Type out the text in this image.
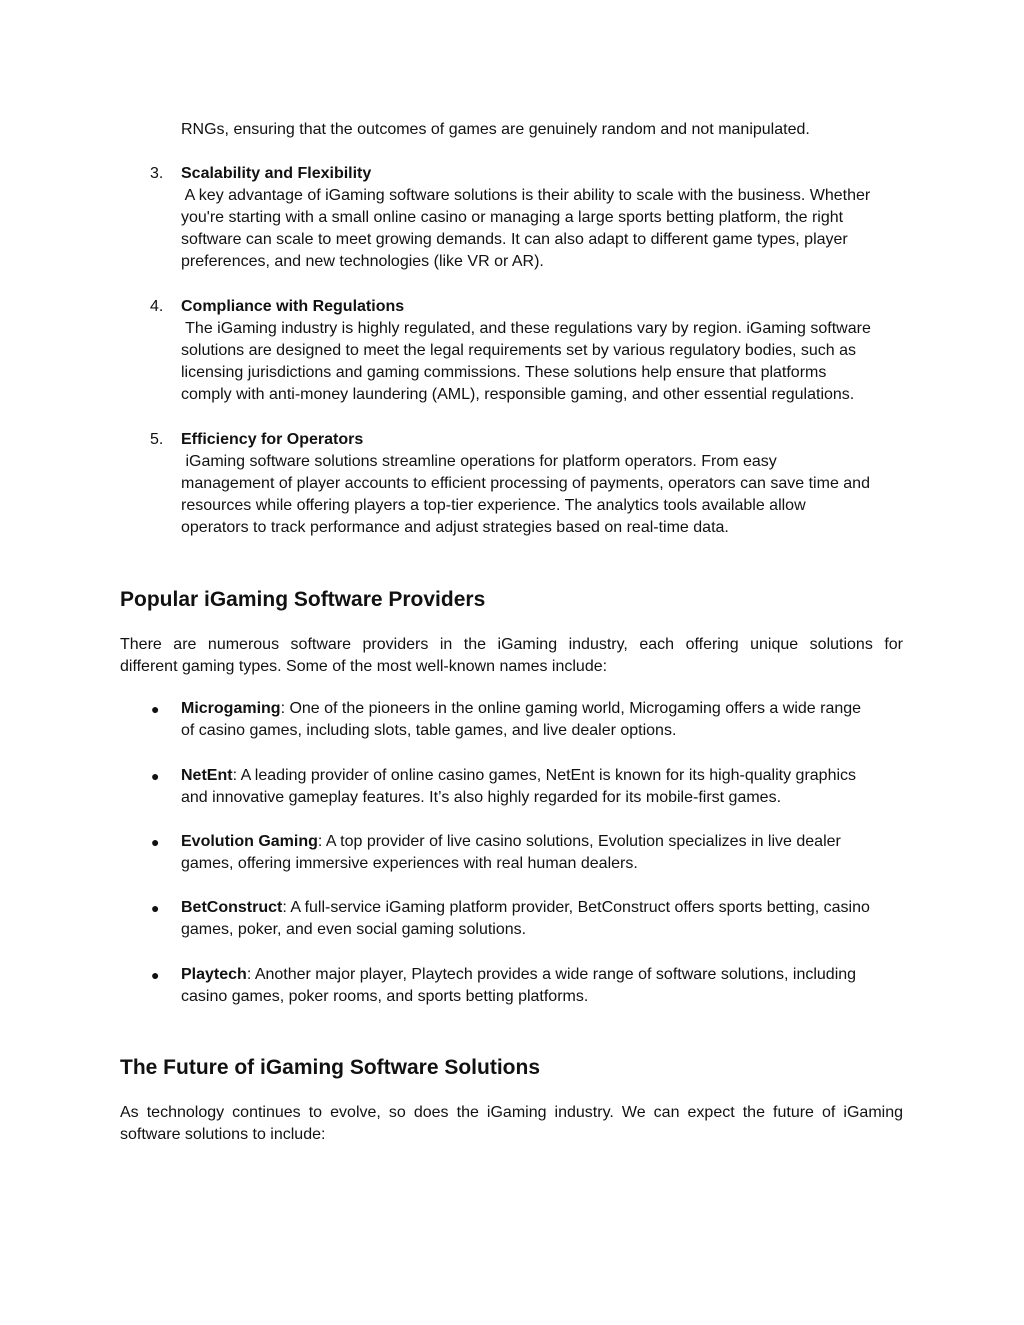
RNGs, ensuring that the outcomes of games are genuinely random and not manipulated.

3. Scalability and Flexibility
A key advantage of iGaming software solutions is their ability to scale with the business. Whether
you're starting with a small online casino or managing a large sports betting platform, the right
software can scale to meet growing demands. It can also adapt to different game types, player
preferences, and new technologies (like VR or AR).
4. Compliance with Regulations
The iGaming industry is highly regulated, and these regulations vary by region. iGaming software
solutions are designed to meet the legal requirements set by various regulatory bodies, such as
licensing jurisdictions and gaming commissions. These solutions help ensure that platforms
comply with anti-money laundering (AML), responsible gaming, and other essential regulations.
5. Efficiency for Operators
iGaming software solutions streamline operations for platform operators. From easy
management of player accounts to efficient processing of payments, operators can save time and
resources while offering players a top-tier experience. The analytics tools available allow
operators to track performance and adjust strategies based on real-time data.
Popular iGaming Software Providers
There are numerous software providers in the iGaming industry, each offering unique solutions for
different gaming types. Some of the most well-known names include:
● Microgaming: One of the pioneers in the online gaming world, Microgaming offers a wide range
of casino games, including slots, table games, and live dealer options.
● NetEnt: A leading provider of online casino games, NetEnt is known for its high-quality graphics
and innovative gameplay features. It’s also highly regarded for its mobile-first games.
● Evolution Gaming: A top provider of live casino solutions, Evolution specializes in live dealer
games, offering immersive experiences with real human dealers.
● BetConstruct: A full-service iGaming platform provider, BetConstruct offers sports betting, casino
games, poker, and even social gaming solutions.
● Playtech: Another major player, Playtech provides a wide range of software solutions, including
casino games, poker rooms, and sports betting platforms.
The Future of iGaming Software Solutions
As technology continues to evolve, so does the iGaming industry. We can expect the future of iGaming
software solutions to include:
